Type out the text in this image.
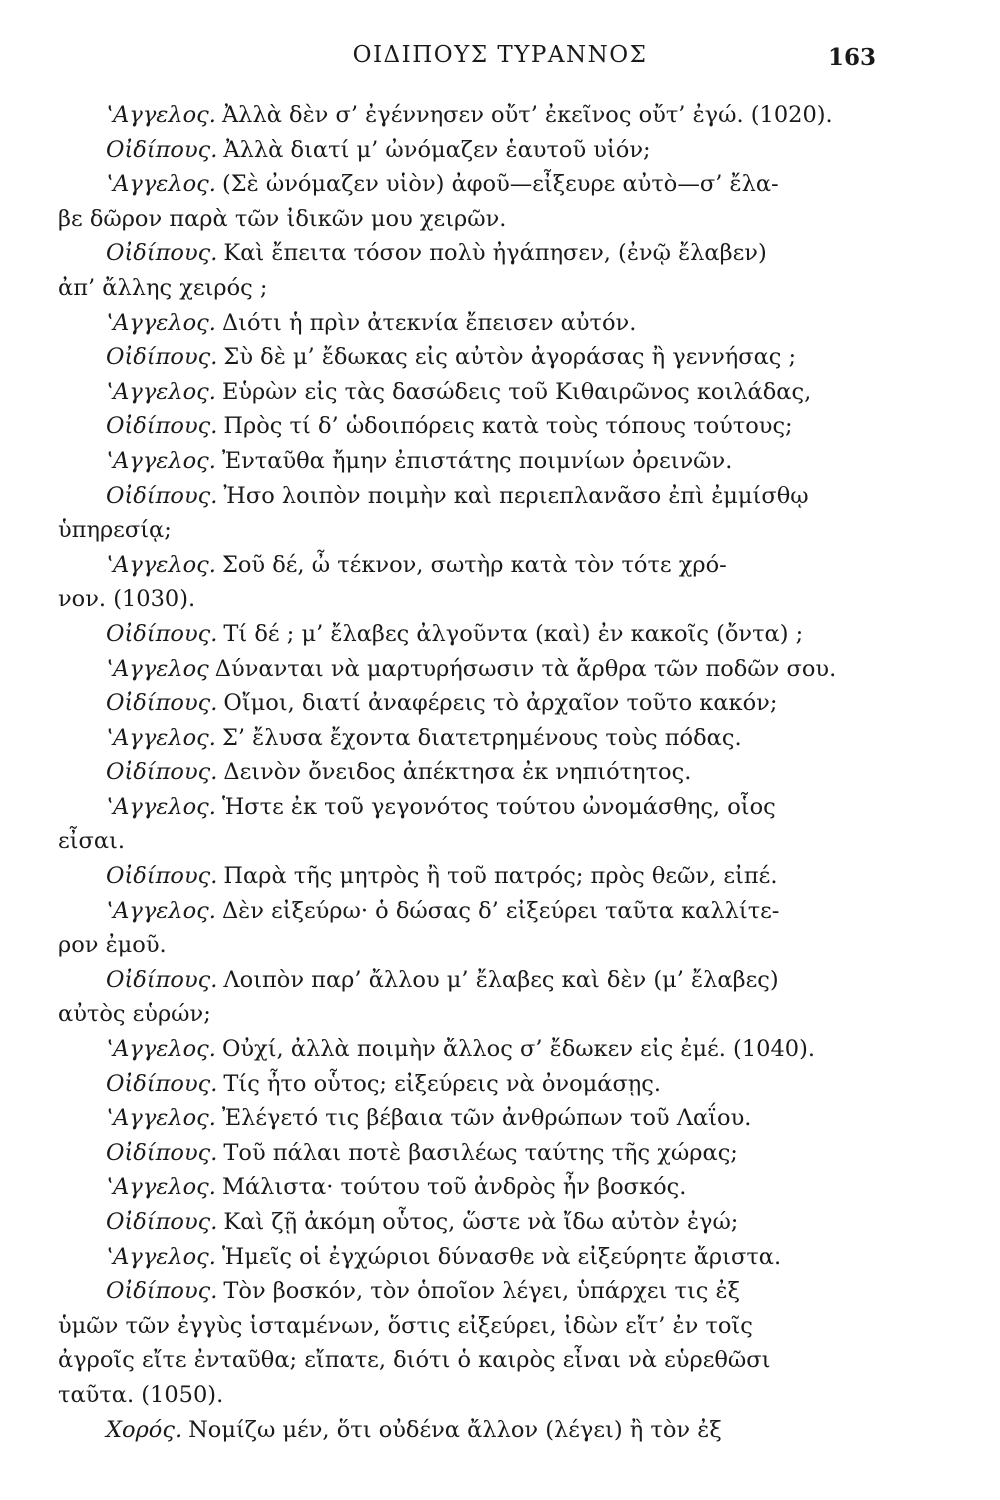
ΟΙΔΙΠΟΥΣ ΤΥΡΑΝΝΟΣ	163
ʽΑγγελος. Ἀλλὰ δὲν σ’ ἐγέννησεν οὔτ’ ἐκεῖνος οὔτ’ ἐγώ. (1020).
Οἰδίπους. Ἀλλὰ διατί μ’ ὠνόμαζεν ἑαυτοῦ υἱόν;
ʽΑγγελος. (Σὲ ὠνόμαζεν υἱὸν) ἀφοῦ—εἶξευρε αὐτὸ—σ’ ἔλα-
βε δῶρον παρὰ τῶν ἰδικῶν μου χειρῶν.
Οἰδίπους. Καὶ ἔπειτα τόσον πολὺ ἠγάπησεν, (ἐνῷ ἔλαβεν)
ἀπ’ ἄλλης χειρός ;
ʽΑγγελος. Διότι ἡ πρὶν ἀτεκνία ἔπεισεν αὐτόν.
Οἰδίπους. Σὺ δὲ μ’ ἔδωκας εἰς αὐτὸν ἀγοράσας ἢ γεννήσας ;
ʽΑγγελος. Εὑρὼν εἰς τὰς δασώδεις τοῦ Κιθαιρῶνος κοιλάδας,
Οἰδίπους. Πρὸς τί δ’ ὡδοιπόρεις κατὰ τοὺς τόπους τούτους;
ʽΑγγελος. Ἐνταῦθα ἤμην ἐπιστάτης ποιμνίων ὀρεινῶν.
Οἰδίπους. Ἠσο λοιπὸν ποιμὴν καὶ περιεπλανᾶσο ἐπὶ ἐμμίσθῳ
ὑπηρεσίᾳ;
ʽΑγγελος. Σοῦ δέ, ὦ τέκνον, σωτὴρ κατὰ τὸν τότε χρό-
νον. (1030).
Οἰδίπους. Τί δέ ; μ’ ἔλαβες ἀλγοῦντα (καὶ) ἐν κακοῖς (ὄντα) ;
ʽΑγγελος Δύνανται νὰ μαρτυρήσωσιν τὰ ἄρθρα τῶν ποδῶν σου.
Οἰδίπους. Οἴμοι, διατί ἀναφέρεις τὸ ἀρχαῖον τοῦτο κακόν;
ʽΑγγελος. Σ’ ἔλυσα ἔχοντα διατετρημένους τοὺς πόδας.
Οἰδίπους. Δεινὸν ὄνειδος ἀπέκτησα ἐκ νηπιότητος.
ʽΑγγελος. Ἡστε ἐκ τοῦ γεγονότος τούτου ὠνομάσθης, οἷος
εἶσαι.
Οἰδίπους. Παρὰ τῆς μητρὸς ἢ τοῦ πατρός; πρὸς θεῶν, εἰπέ.
ʽΑγγελος. Δὲν εἰξεύρω· ὁ δώσας δ’ εἰξεύρει ταῦτα καλλίτε-
ρον ἐμοῦ.
Οἰδίπους. Λοιπὸν παρ’ ἄλλου μ’ ἔλαβες καὶ δὲν (μ’ ἔλαβες)
αὐτὸς εὑρών;
ʽΑγγελος. Οὐχί, ἀλλὰ ποιμὴν ἄλλος σ’ ἔδωκεν εἰς ἐμέ. (1040).
Οἰδίπους. Τίς ἦτο οὗτος; εἰξεύρεις νὰ ὀνομάσῃς.
ʽΑγγελος. Ἐλέγετό τις βέβαια τῶν ἀνθρώπων τοῦ Λαΐου.
Οἰδίπους. Τοῦ πάλαι ποτὲ βασιλέως ταύτης τῆς χώρας;
ʽΑγγελος. Μάλιστα· τούτου τοῦ ἀνδρὸς ἦν βοσκός.
Οἰδίπους. Καὶ ζῇ ἀκόμη οὗτος, ὥστε νὰ ἴδω αὐτὸν ἐγώ;
ʽΑγγελος. Ἡμεῖς οἱ ἐγχώριοι δύνασθε νὰ εἰξεύρητε ἄριστα.
Οἰδίπους. Τὸν βοσκόν, τὸν ὁποῖον λέγει, ὑπάρχει τις ἐξ
ὑμῶν τῶν ἐγγὺς ἱσταμένων, ὅστις εἰξεύρει, ἰδὼν εἴτ’ ἐν τοῖς
ἀγροῖς εἴτε ἐνταῦθα; εἴπατε, διότι ὁ καιρὸς εἶναι νὰ εὑρεθῶσι
ταῦτα. (1050).
Χορός. Νομίζω μέν, ὅτι οὐδένα ἄλλον (λέγει) ἢ τὸν ἐξ
